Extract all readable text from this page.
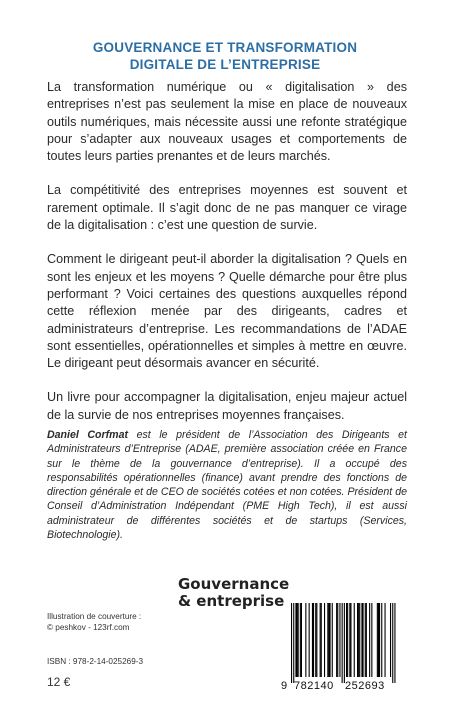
GOUVERNANCE ET TRANSFORMATION
DIGITALE DE L’ENTREPRISE

La transformation numérique ou « digitalisation » des entreprises n’est pas seulement la mise en place de nouveaux outils numériques, mais nécessite aussi une refonte stratégique pour s’adapter aux nouveaux usages et comportements de toutes leurs parties prenantes et de leurs marchés.

La compétitivité des entreprises moyennes est souvent et rarement optimale. Il s’agit donc de ne pas manquer ce virage de la digitalisation : c’est une question de survie.

Comment le dirigeant peut-il aborder la digitalisation ? Quels en sont les enjeux et les moyens ? Quelle démarche pour être plus performant ? Voici certaines des questions auxquelles répond cette réflexion menée par des dirigeants, cadres et administrateurs d’entreprise. Les recommandations de l’ADAE sont essentielles, opérationnelles et simples à mettre en œuvre. Le dirigeant peut désormais avancer en sécurité.

Un livre pour accompagner la digitalisation, enjeu majeur actuel de la survie de nos entreprises moyennes françaises.

Daniel Corfmat est le président de l’Association des Dirigeants et Administrateurs d’Entreprise (ADAE, première association créée en France sur le thème de la gouvernance d’entreprise). Il a occupé des responsabilités opérationnelles (finance) avant prendre des fonctions de direction générale et de CEO de sociétés cotées et non cotées. Président de Conseil d’Administration Indépendant (PME High Tech), il est aussi administrateur de différentes sociétés et de startups (Services, Biotechnologie).
Gouvernance
& entreprise
Illustration de couverture :
© peshkov - 123rf.com
ISBN : 978-2-14-025269-3
12 €	9 782140 252693
